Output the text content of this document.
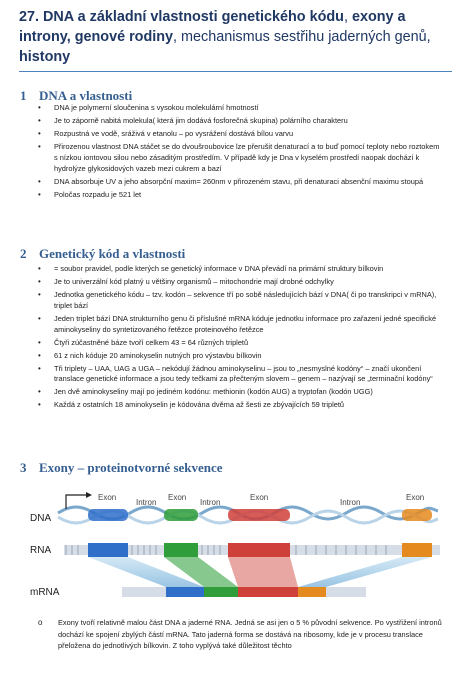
27. DNA a základní vlastnosti genetického kódu, exony a introny, genové rodiny, mechanismus sestřihu jaderných genů, histony
1 DNA a vlastnosti
• DNA je polymerní sloučenina s vysokou molekulární hmotností
• Je to záporně nabitá molekula( která jim dodává fosforečná skupina) polárního charakteru
• Rozpustná ve vodě, sráživá v etanolu – po vysrážení dostává bílou varvu
• Přirozenou vlastnost DNA stáčet se do dvoušroubovice lze přerušit denaturací a to buď pomocí teploty nebo roztokem s nízkou iontovou silou nebo zásaditým prostředím. V případě kdy je Dna v kyselém prostředí naopak dochází k hydrolýze glykosidových vazeb mezi cukrem a bazí
• DNA absorbuje UV a jeho absorpční maxim= 260nm v přirozeném stavu, při denaturaci absenční maximu stoupá
• Poločas rozpadu je 521 let
2 Genetický kód a vlastnosti
• = soubor pravidel, podle kterých se genetický informace v DNA převádí na primární struktury bílkovin
• Je to univerzální kód platný u většiny organismů – mitochondrie mají drobné odchylky
• Jednotka genetického kódu – tzv. kodón – sekvence tří po sobě následujících bází v DNA( či po transkripci v mRNA), triplet bází
• Jeden triplet bází DNA strukturního genu či příslušné mRNA kóduje jednotku informace pro zařazení jedné specifické aminokyseliny do syntetizovaného řetězce proteinového řetězce
• Čtyři zúčastněné báze tvoří celkem 43 = 64 různých tripletů
• 61 z nich kóduje 20 aminokyselin nutných pro výstavbu bílkovin
• Tři triplety – UAA, UAG a UGA – nekódují žádnou aminokyselinu – jsou to „nesmyslné kodóny“ – značí ukončení translace genetické informace a jsou tedy tečkami za přečteným slovem – genem – nazývají se „terminační kodóny“
• Jen dvě aminokyseliny mají po jediném kodónu: methionin (kodón AUG) a tryptofan (kodón UGG)
• Každá z ostatních 18 aminokyselin je kódována dvěma až šesti ze zbývajících 59 tripletů
3 Exony – proteinotvorné sekvence
DNA
Exon
Intron
Exon
Intron
Exon
Intron
Exon
RNA
mRNA
o	Exony tvoří relativně malou část DNA a jaderné RNA. Jedná se asi jen o 5 % původní sekvence. Po vystřižení intronů dochází ke spojení zbylých částí mRNA. Tato jaderná forma se dostává na ribosomy, kde je v procesu translace přeložena do jednotlivých bílkovin. Z toho vyplývá také důležitost těchto
